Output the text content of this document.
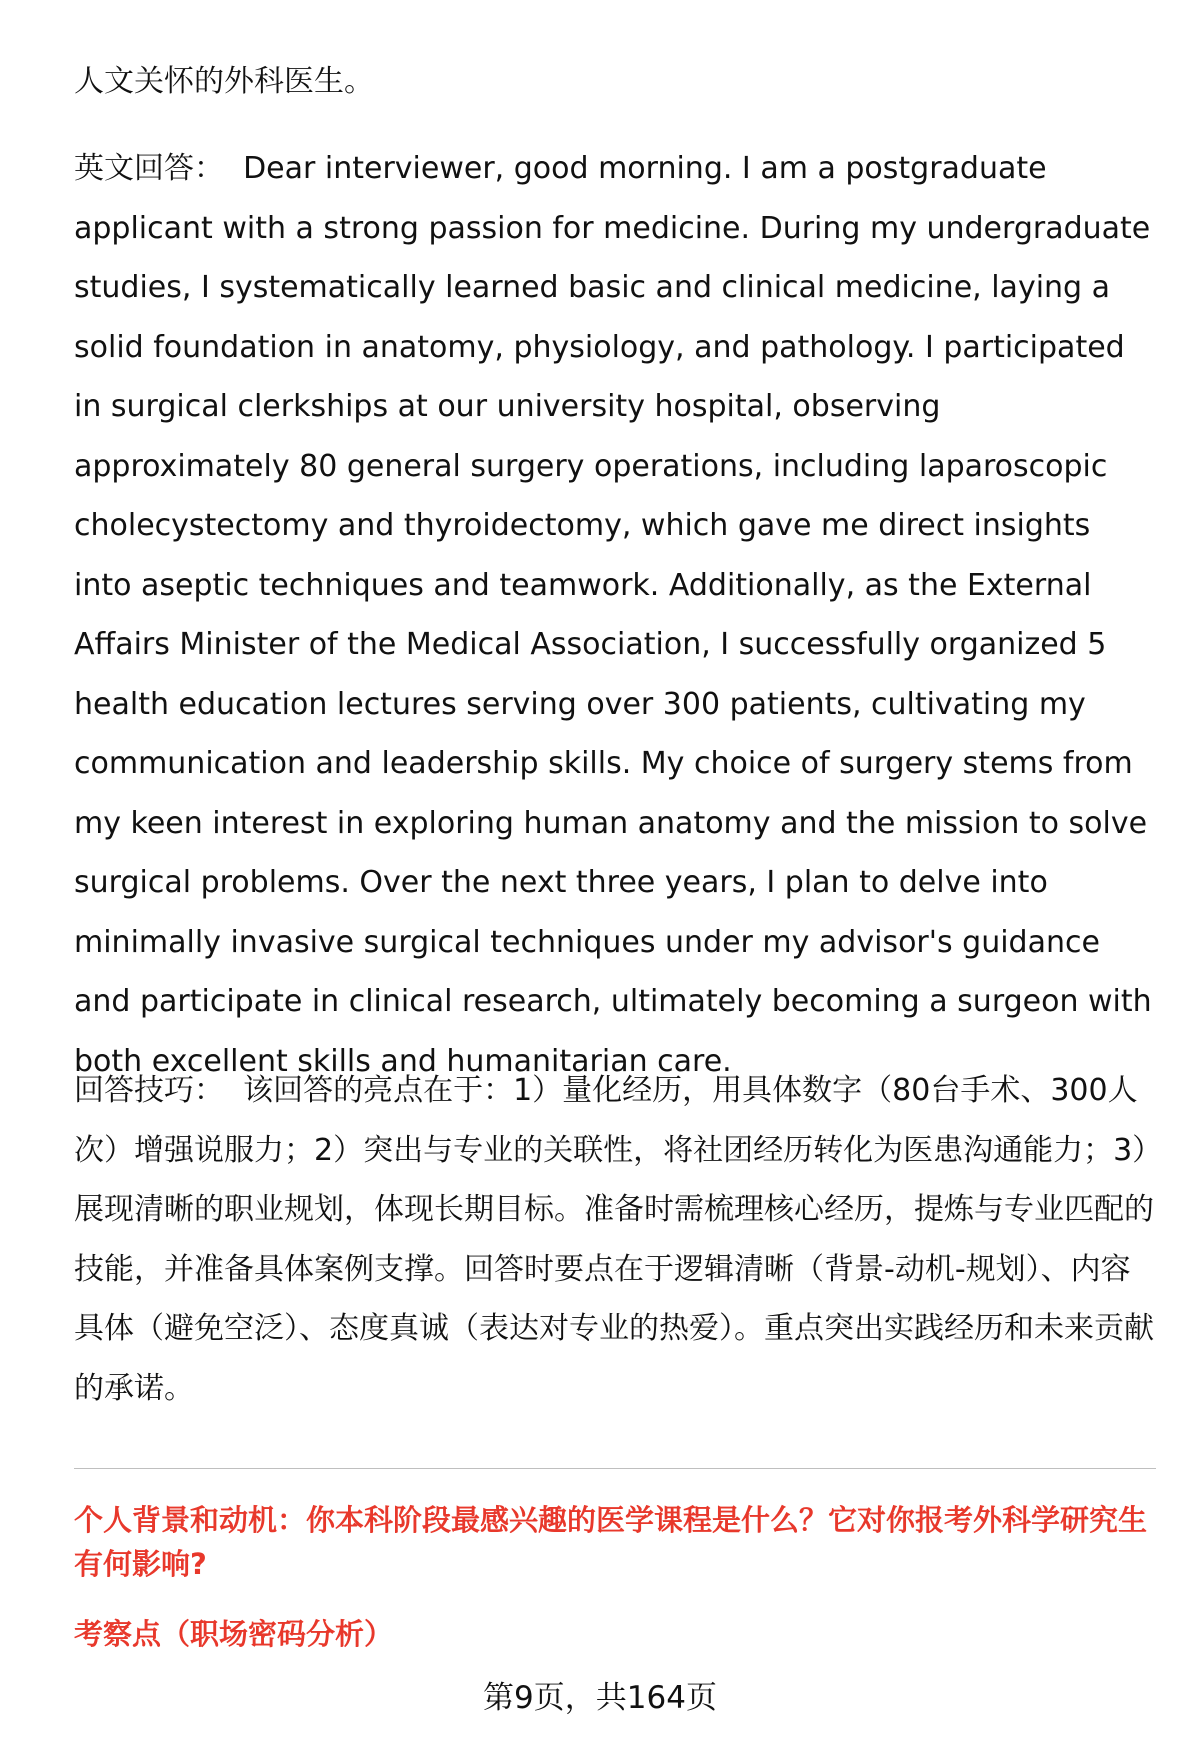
人文关怀的外科医生。

英文回答： Dear interviewer, good morning. I am a postgraduate applicant with a strong passion for medicine. During my undergraduate studies, I systematically learned basic and clinical medicine, laying a solid foundation in anatomy, physiology, and pathology. I participated in surgical clerkships at our university hospital, observing approximately 80 general surgery operations, including laparoscopic cholecystectomy and thyroidectomy, which gave me direct insights into aseptic techniques and teamwork. Additionally, as the External Affairs Minister of the Medical Association, I successfully organized 5 health education lectures serving over 300 patients, cultivating my communication and leadership skills. My choice of surgery stems from my keen interest in exploring human anatomy and the mission to solve surgical problems. Over the next three years, I plan to delve into minimally invasive surgical techniques under my advisor's guidance and participate in clinical research, ultimately becoming a surgeon with both excellent skills and humanitarian care.

回答技巧： 该回答的亮点在于：1）量化经历，用具体数字（80台手术、300人次）增强说服力；2）突出与专业的关联性，将社团经历转化为医患沟通能力；3）展现清晰的职业规划，体现长期目标。准备时需梳理核心经历，提炼与专业匹配的技能，并准备具体案例支撑。回答时要点在于逻辑清晰（背景-动机-规划）、内容具体（避免空泛）、态度真诚（表达对专业的热爱）。重点突出实践经历和未来贡献的承诺。

个人背景和动机：你本科阶段最感兴趣的医学课程是什么？它对你报考外科学研究生有何影响?

考察点（职场密码分析）

第9页，共164页
